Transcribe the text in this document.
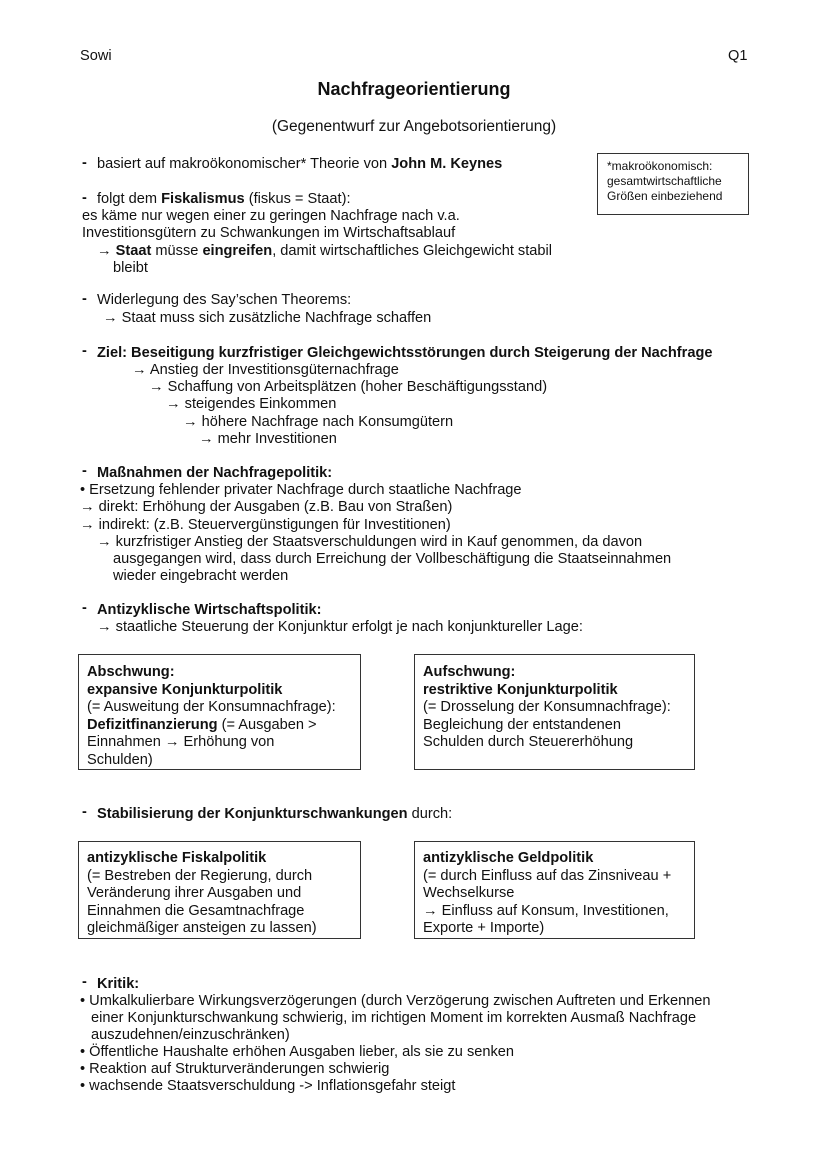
Sowi	Q1
Nachfrageorientierung
(Gegenentwurf zur Angebotsorientierung)
*makroökonomisch:
gesamtwirtschaftliche
Größen einbeziehend
- basiert auf makroökonomischer* Theorie von John M. Keynes
- folgt dem Fiskalismus (fiskus = Staat):
es käme nur wegen einer zu geringen Nachfrage nach v.a.
Investitionsgütern zu Schwankungen im Wirtschaftsablauf
→ Staat müsse eingreifen, damit wirtschaftliches Gleichgewicht stabil
bleibt
- Widerlegung des Say’schen Theorems:
→ Staat muss sich zusätzliche Nachfrage schaffen
- Ziel: Beseitigung kurzfristiger Gleichgewichtsstörungen durch Steigerung der Nachfrage
→ Anstieg der Investitionsgüternachfrage
→ Schaffung von Arbeitsplätzen (hoher Beschäftigungsstand)
→ steigendes Einkommen
→ höhere Nachfrage nach Konsumgütern
→ mehr Investitionen
- Maßnahmen der Nachfragepolitik:
• Ersetzung fehlender privater Nachfrage durch staatliche Nachfrage
→ direkt: Erhöhung der Ausgaben (z.B. Bau von Straßen)
→ indirekt: (z.B. Steuervergünstigungen für Investitionen)
→ kurzfristiger Anstieg der Staatsverschuldungen wird in Kauf genommen, da davon
ausgegangen wird, dass durch Erreichung der Vollbeschäftigung die Staatseinnahmen
wieder eingebracht werden
- Antizyklische Wirtschaftspolitik:
→ staatliche Steuerung der Konjunktur erfolgt je nach konjunktureller Lage:
Abschwung:
expansive Konjunkturpolitik
(= Ausweitung der Konsumnachfrage):
Defizitfinanzierung (= Ausgaben >
Einnahmen → Erhöhung von
Schulden)
Aufschwung:
restriktive Konjunkturpolitik
(= Drosselung der Konsumnachfrage):
Begleichung der entstandenen
Schulden durch Steuererhöhung
- Stabilisierung der Konjunkturschwankungen durch:
antizyklische Fiskalpolitik
(= Bestreben der Regierung, durch
Veränderung ihrer Ausgaben und
Einnahmen die Gesamtnachfrage
gleichmäßiger ansteigen zu lassen)
antizyklische Geldpolitik
(= durch Einfluss auf das Zinsniveau +
Wechselkurse
→ Einfluss auf Konsum, Investitionen,
Exporte + Importe)
- Kritik:
• Umkalkulierbare Wirkungsverzögerungen (durch Verzögerung zwischen Auftreten und Erkennen
einer Konjunkturschwankung schwierig, im richtigen Moment im korrekten Ausmaß Nachfrage
auszudehnen/einzuschränken)
• Öffentliche Haushalte erhöhen Ausgaben lieber, als sie zu senken
• Reaktion auf Strukturveränderungen schwierig
• wachsende Staatsverschuldung -> Inflationsgefahr steigt
